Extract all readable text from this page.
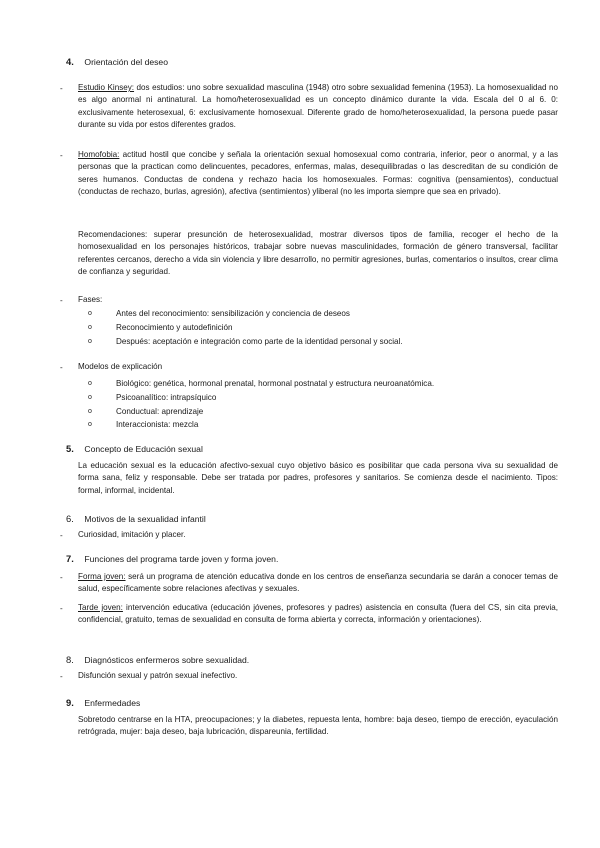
4. Orientación del deseo
- Estudio Kinsey: dos estudios: uno sobre sexualidad masculina (1948) otro sobre sexualidad femenina (1953). La homosexualidad no es algo anormal ni antinatural. La homo/heterosexualidad es un concepto dinámico durante la vida. Escala del 0 al 6. 0: exclusivamente heterosexual, 6: exclusivamente homosexual. Diferente grado de homo/heterosexualidad, la persona puede pasar durante su vida por estos diferentes grados.
- Homofobia: actitud hostil que concibe y señala la orientación sexual homosexual como contraria, inferior, peor o anormal, y a las personas que la practican como delincuentes, pecadores, enfermas, malas, desequilibradas o las descreditan de su condición de seres humanos. Conductas de condena y rechazo hacia los homosexuales. Formas: cognitiva (pensamientos), conductual (conductas de rechazo, burlas, agresión), afectiva (sentimientos) yliberal (no les importa siempre que sea en privado).
Recomendaciones: superar presunción de heterosexualidad, mostrar diversos tipos de familia, recoger el hecho de la homosexualidad en los personajes históricos, trabajar sobre nuevas masculinidades, formación de género transversal, facilitar referentes cercanos, derecho a vida sin violencia y libre desarrollo, no permitir agresiones, burlas, comentarios o insultos, crear clima de confianza y seguridad.
- Fases:
o	Antes del reconocimiento: sensibilización y conciencia de deseos
o	Reconocimiento y autodefinición
o	Después: aceptación e integración como parte de la identidad personal y social.
- Modelos de explicación
o	Biológico: genética, hormonal prenatal, hormonal postnatal y estructura neuroanatómica.
o	Psicoanalítico: intrapsíquico
o	Conductual: aprendizaje
o	Interaccionista: mezcla
5. Concepto de Educación sexual
La educación sexual es la educación afectivo-sexual cuyo objetivo básico es posibilitar que cada persona viva su sexualidad de forma sana, feliz y responsable. Debe ser tratada por padres, profesores y sanitarios. Se comienza desde el nacimiento. Tipos: formal, informal, incidental.
6. Motivos de la sexualidad infantil
- Curiosidad, imitación y placer.
7. Funciones del programa tarde joven y forma joven.
- Forma joven: será un programa de atención educativa donde en los centros de enseñanza secundaria se darán a conocer temas de salud, específicamente sobre relaciones afectivas y sexuales.
- Tarde joven: intervención educativa (educación jóvenes, profesores y padres) asistencia en consulta (fuera del CS, sin cita previa, confidencial, gratuito, temas de sexualidad en consulta de forma abierta y correcta, información y orientaciones).
8. Diagnósticos enfermeros sobre sexualidad.
- Disfunción sexual y patrón sexual inefectivo.
9. Enfermedades
Sobretodo centrarse en la HTA, preocupaciones; y la diabetes, repuesta lenta, hombre: baja deseo, tiempo de erección, eyaculación retrógrada, mujer: baja deseo, baja lubricación, dispareunia, fertilidad.
